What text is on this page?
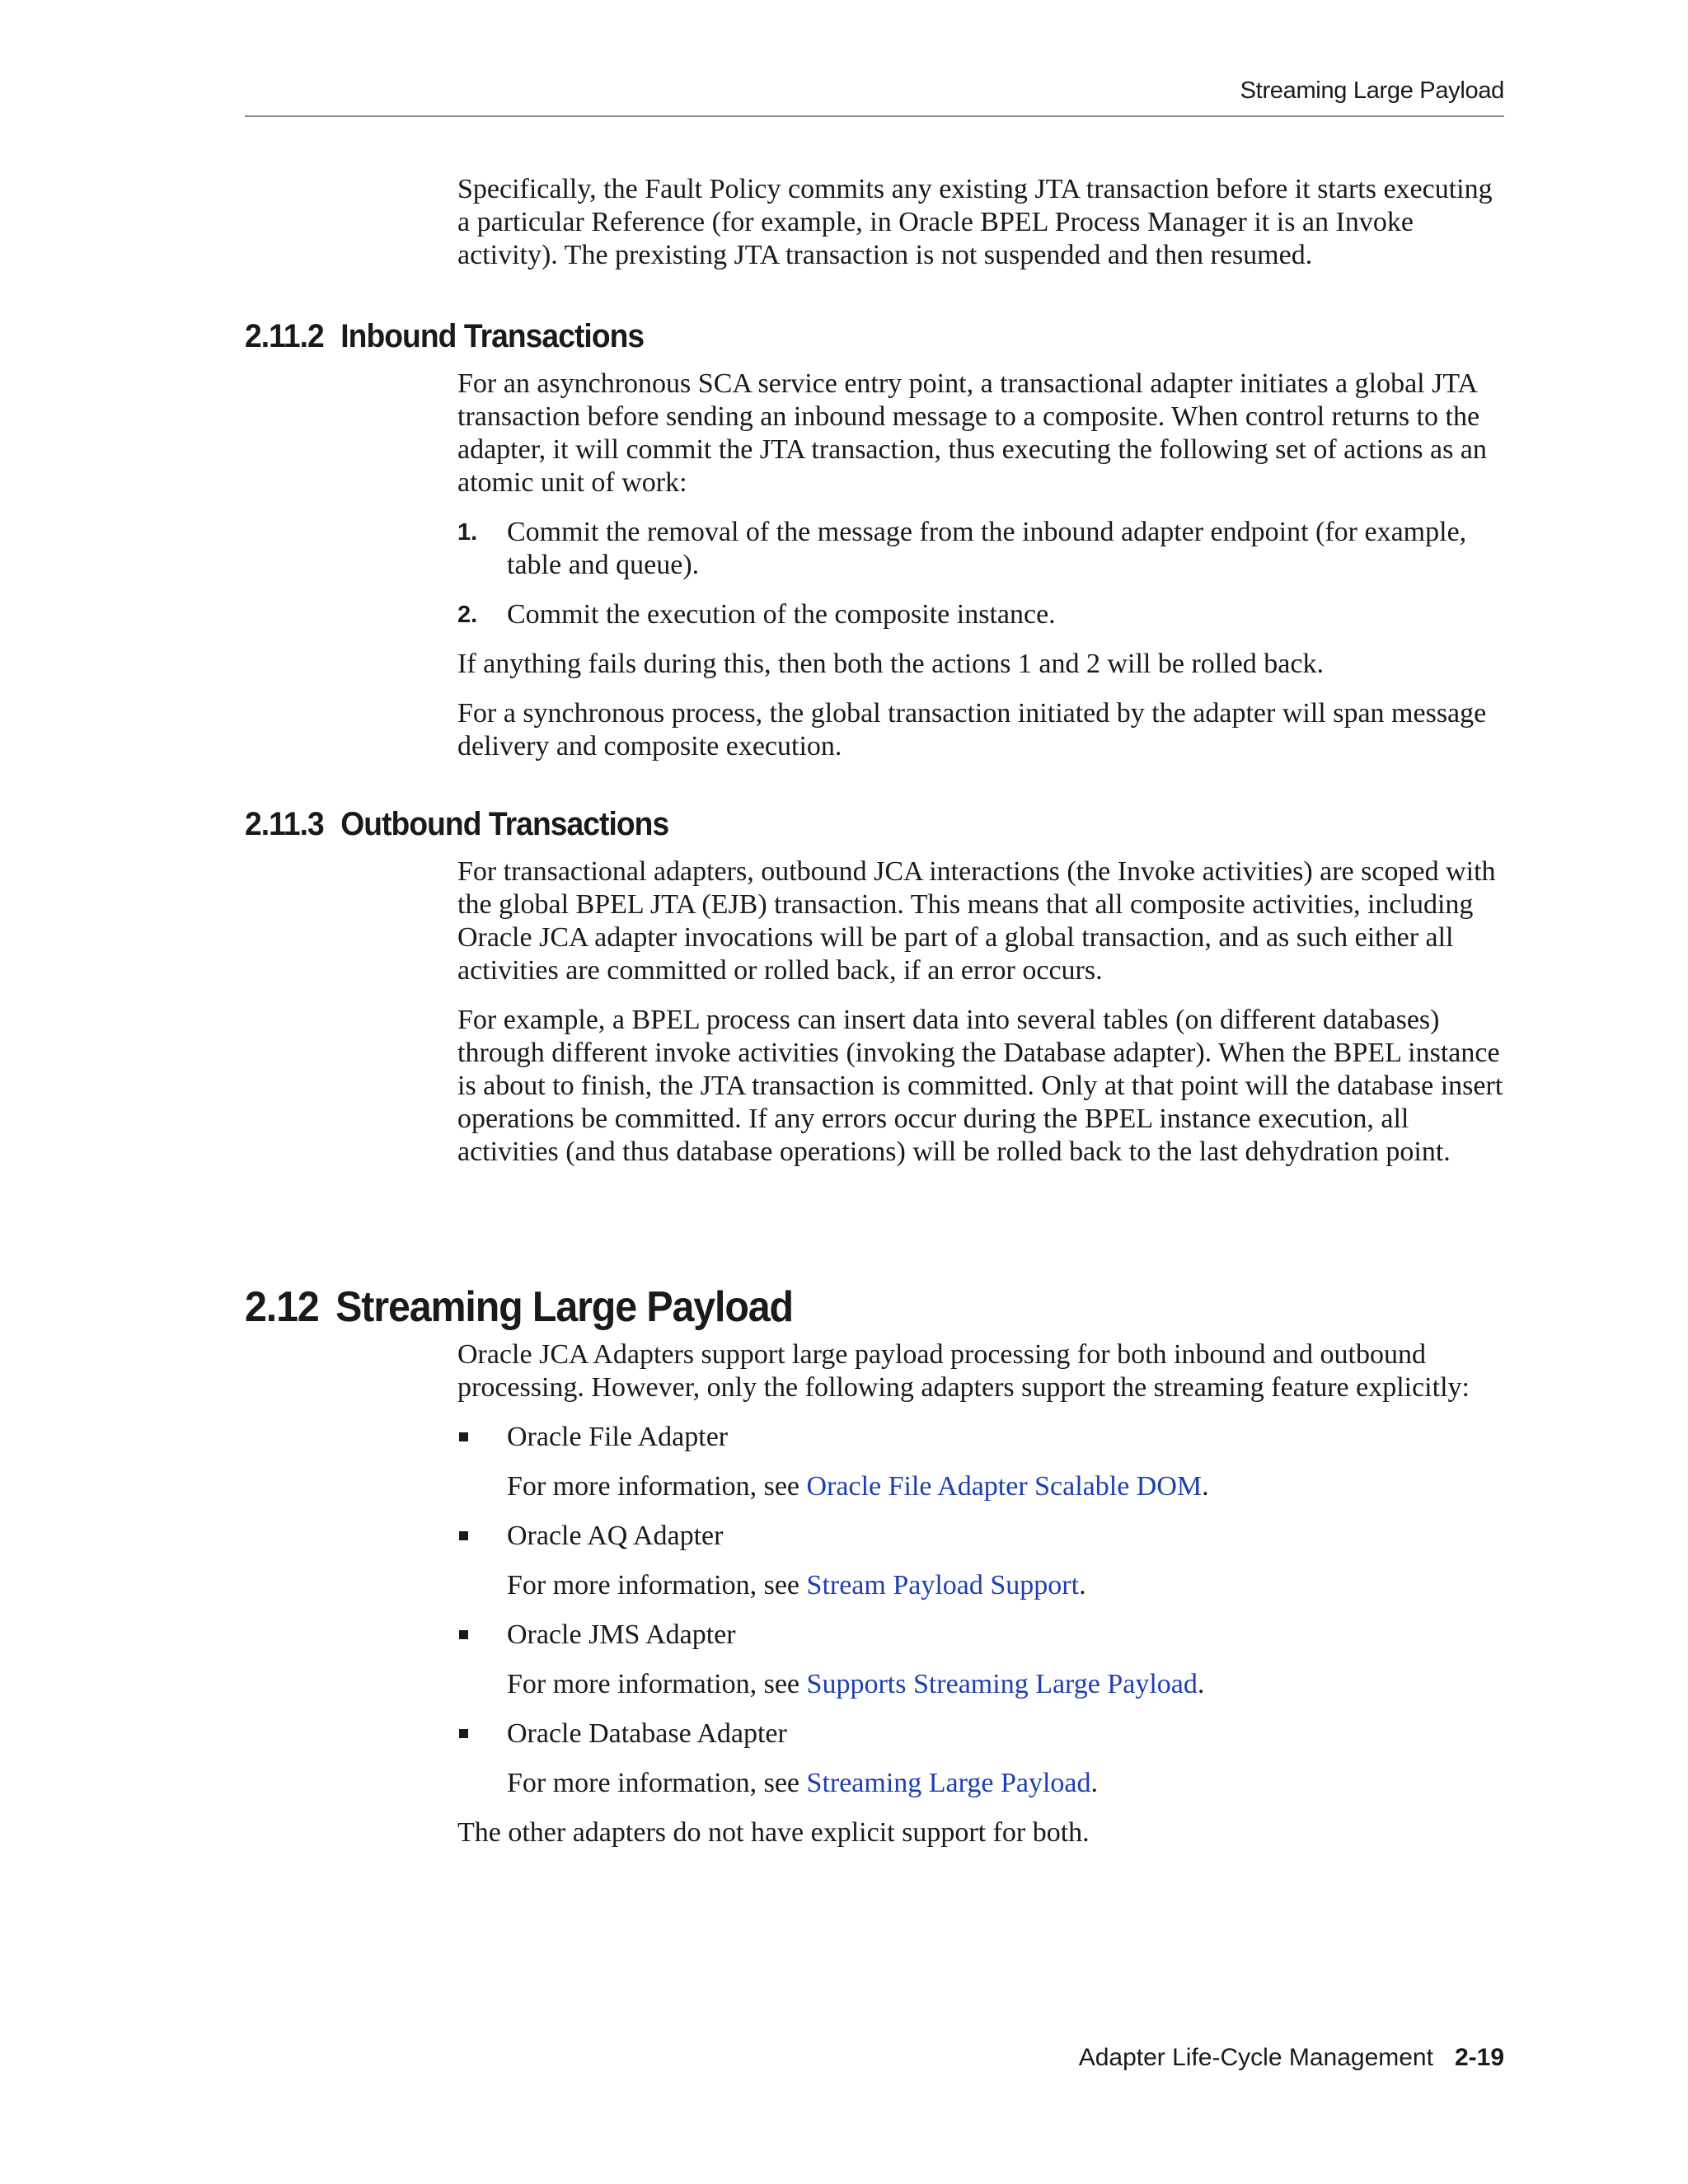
Streaming Large Payload

Specifically, the Fault Policy commits any existing JTA transaction before it starts executing a particular Reference (for example, in Oracle BPEL Process Manager it is an Invoke activity). The prexisting JTA transaction is not suspended and then resumed.

2.11.2 Inbound Transactions

For an asynchronous SCA service entry point, a transactional adapter initiates a global JTA transaction before sending an inbound message to a composite. When control returns to the adapter, it will commit the JTA transaction, thus executing the following set of actions as an atomic unit of work:

1. Commit the removal of the message from the inbound adapter endpoint (for example, table and queue).
2. Commit the execution of the composite instance.

If anything fails during this, then both the actions 1 and 2 will be rolled back.

For a synchronous process, the global transaction initiated by the adapter will span message delivery and composite execution.

2.11.3 Outbound Transactions

For transactional adapters, outbound JCA interactions (the Invoke activities) are scoped with the global BPEL JTA (EJB) transaction. This means that all composite activities, including Oracle JCA adapter invocations will be part of a global transaction, and as such either all activities are committed or rolled back, if an error occurs.

For example, a BPEL process can insert data into several tables (on different databases) through different invoke activities (invoking the Database adapter). When the BPEL instance is about to finish, the JTA transaction is committed. Only at that point will the database insert operations be committed. If any errors occur during the BPEL instance execution, all activities (and thus database operations) will be rolled back to the last dehydration point.

2.12 Streaming Large Payload

Oracle JCA Adapters support large payload processing for both inbound and outbound processing. However, only the following adapters support the streaming feature explicitly:

Oracle File Adapter

For more information, see Oracle File Adapter Scalable DOM.

Oracle AQ Adapter

For more information, see Stream Payload Support.

Oracle JMS Adapter

For more information, see Supports Streaming Large Payload.

Oracle Database Adapter

For more information, see Streaming Large Payload.

The other adapters do not have explicit support for both.

Adapter Life-Cycle Management 2-19
